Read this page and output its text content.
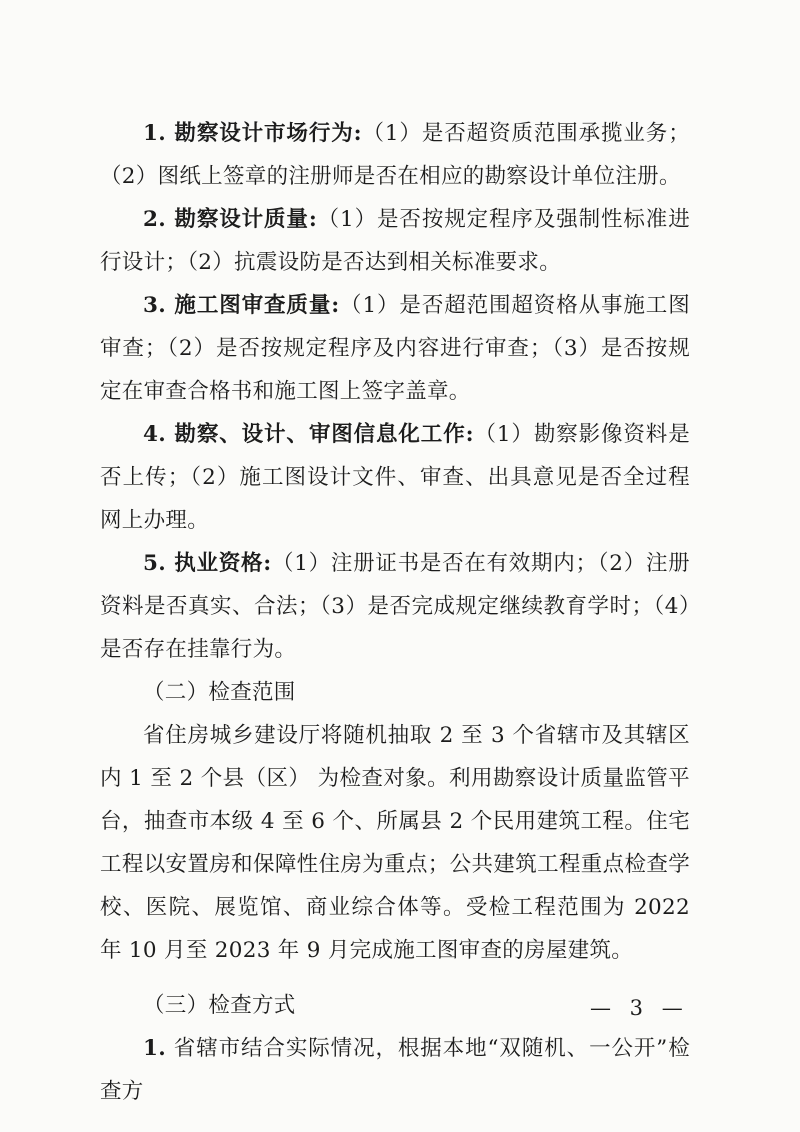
1. 勘察设计市场行为:（1）是否超资质范围承揽业务；（2）图纸上签章的注册师是否在相应的勘察设计单位注册。

2. 勘察设计质量:（1）是否按规定程序及强制性标准进行设计；（2）抗震设防是否达到相关标准要求。

3. 施工图审查质量:（1）是否超范围超资格从事施工图审查；（2）是否按规定程序及内容进行审查；（3）是否按规定在审查合格书和施工图上签字盖章。

4. 勘察、设计、审图信息化工作:（1）勘察影像资料是否上传；（2）施工图设计文件、审查、出具意见是否全过程网上办理。

5. 执业资格:（1）注册证书是否在有效期内；（2）注册资料是否真实、合法；（3）是否完成规定继续教育学时；（4）是否存在挂靠行为。

（二）检查范围

省住房城乡建设厅将随机抽取 2 至 3 个省辖市及其辖区内 1 至 2 个县（区） 为检查对象。利用勘察设计质量监管平台，抽查市本级 4 至 6 个、所属县 2 个民用建筑工程。住宅工程以安置房和保障性住房为重点；公共建筑工程重点检查学校、医院、展览馆、商业综合体等。受检工程范围为 2022 年 10 月至 2023 年 9 月完成施工图审查的房屋建筑。

（三）检查方式

1. 省辖市结合实际情况，根据本地“双随机、一公开”检查方

— 3 —
